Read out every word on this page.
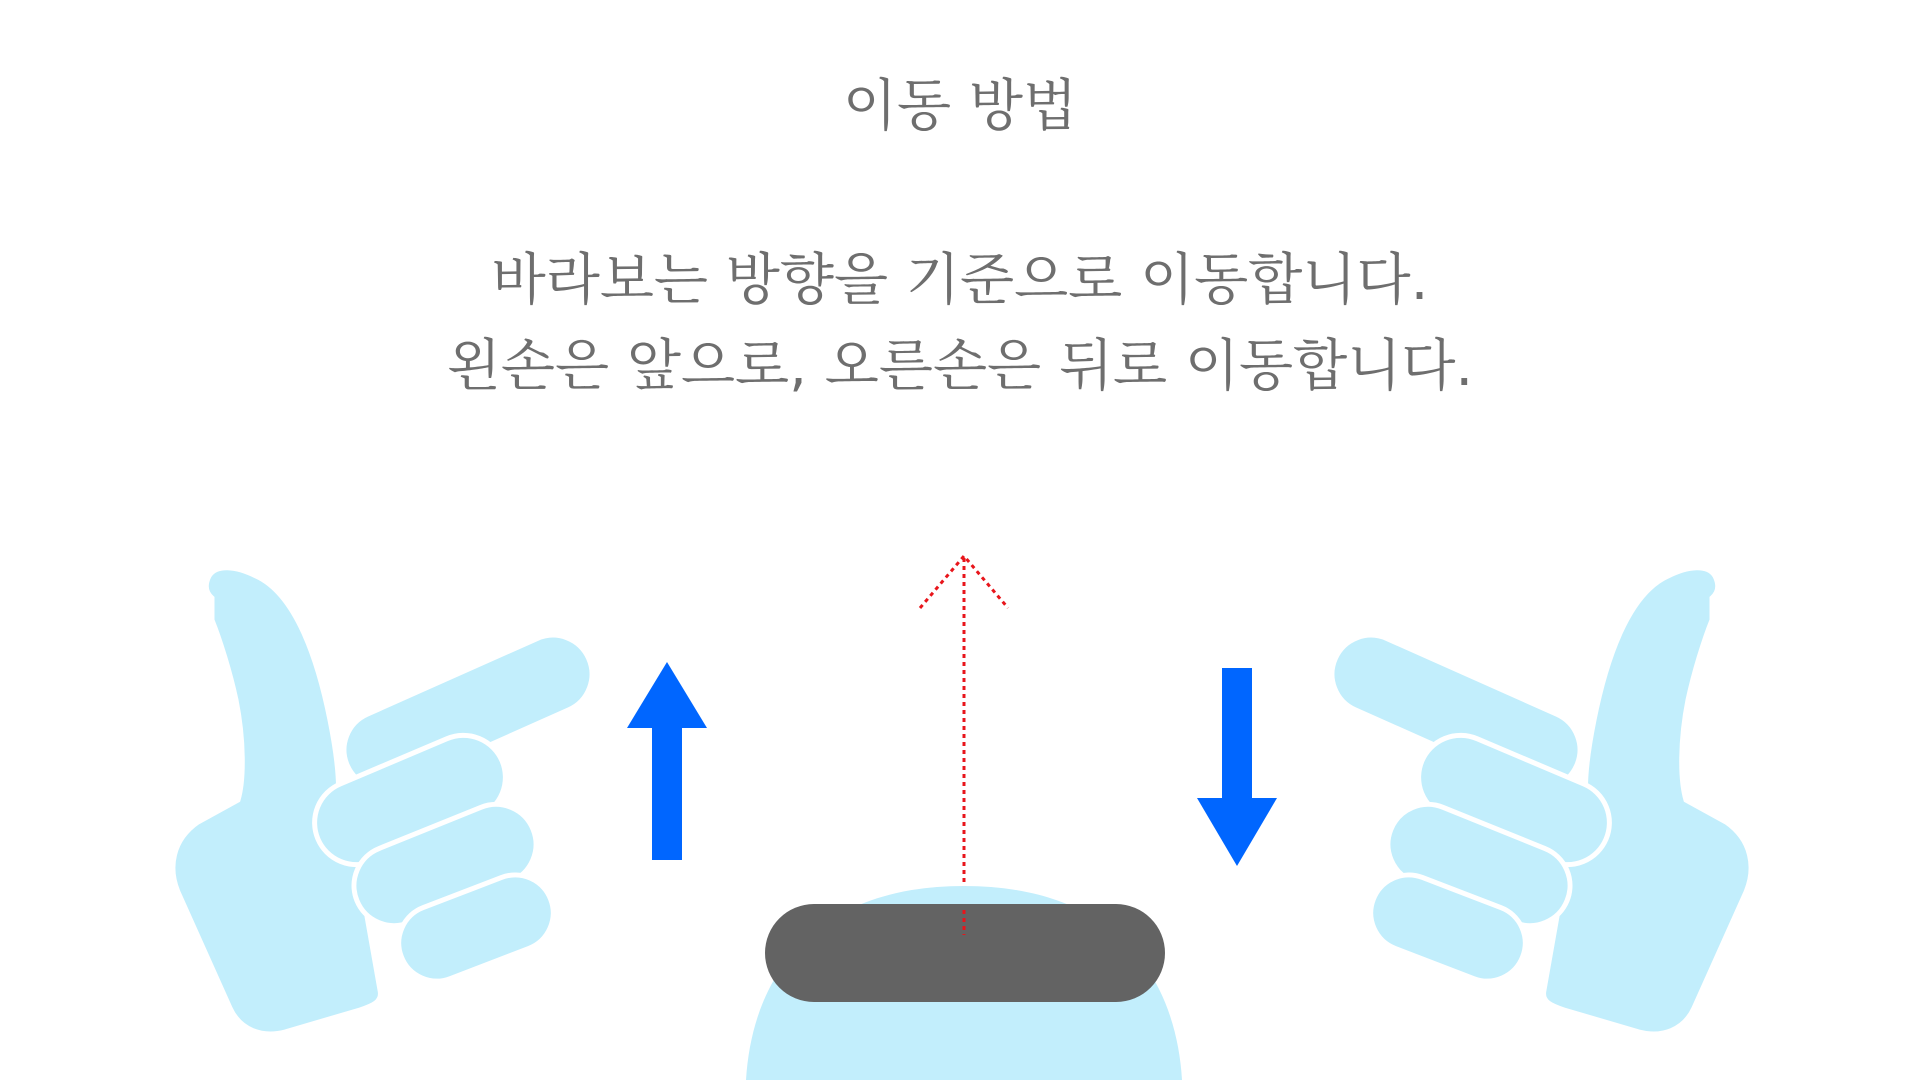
이동 방법

바라보는 방향을 기준으로 이동합니다.

왼손은 앞으로, 오른손은 뒤로 이동합니다.
